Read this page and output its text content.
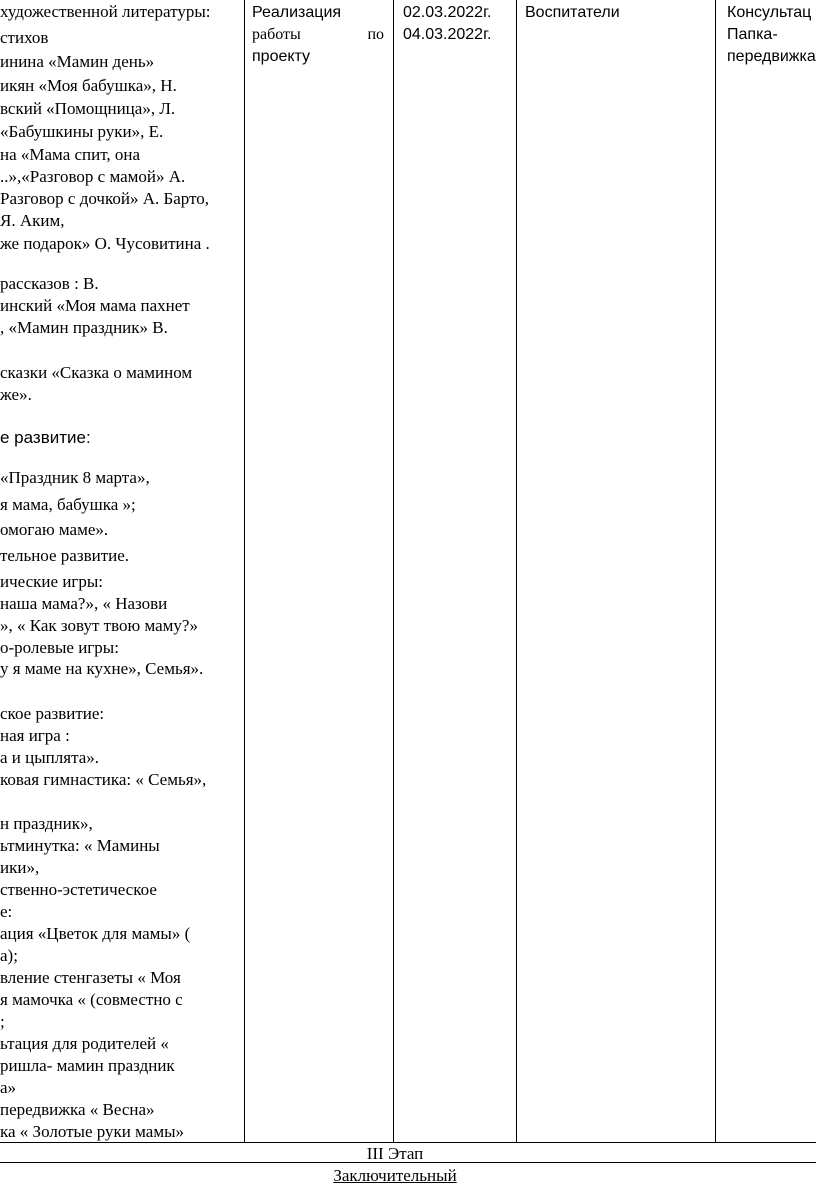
художественной литературы:
стихов
инина «Мамин день»
икян «Моя бабушка», Н.
вский «Помощница», Л.
«Бабушкины руки», Е.
на «Мама спит, она
..»,«Разговор с мамой» А.
Разговор с дочкой» А. Барто,
Я. Аким,
же подарок» О. Чусовитина .
рассказов : В.
инский «Моя мама пахнет
, «Мамин праздник» В.
сказки «Сказка о мамином
же».
е развитие:
«Праздник 8 марта»,
я мама, бабушка »;
омогаю маме».
тельное развитие.
ические игры:
наша мама?», « Назови
», « Как зовут твою маму?»
о-ролевые игры:
у я маме на кухне», Семья».
ское развитие:
ная игра :
а и цыплята».
ковая гимнастика: « Семья»,
н праздник»,
ьтминутка: « Мамины
ики»,
ственно-эстетическое
е:
ация «Цветок для мамы» (
а);
вление стенгазеты « Моя
я мамочка « (совместно с
;
ьтация для родителей «
ришла- мамин праздник
а»
передвижка « Весна»
ка « Золотые руки мамы»
Реализация
работы	по
проекту
02.03.2022г.
04.03.2022г.
Воспитатели	Консультац
Папка-
передвижка
III Этап
Заключительный
